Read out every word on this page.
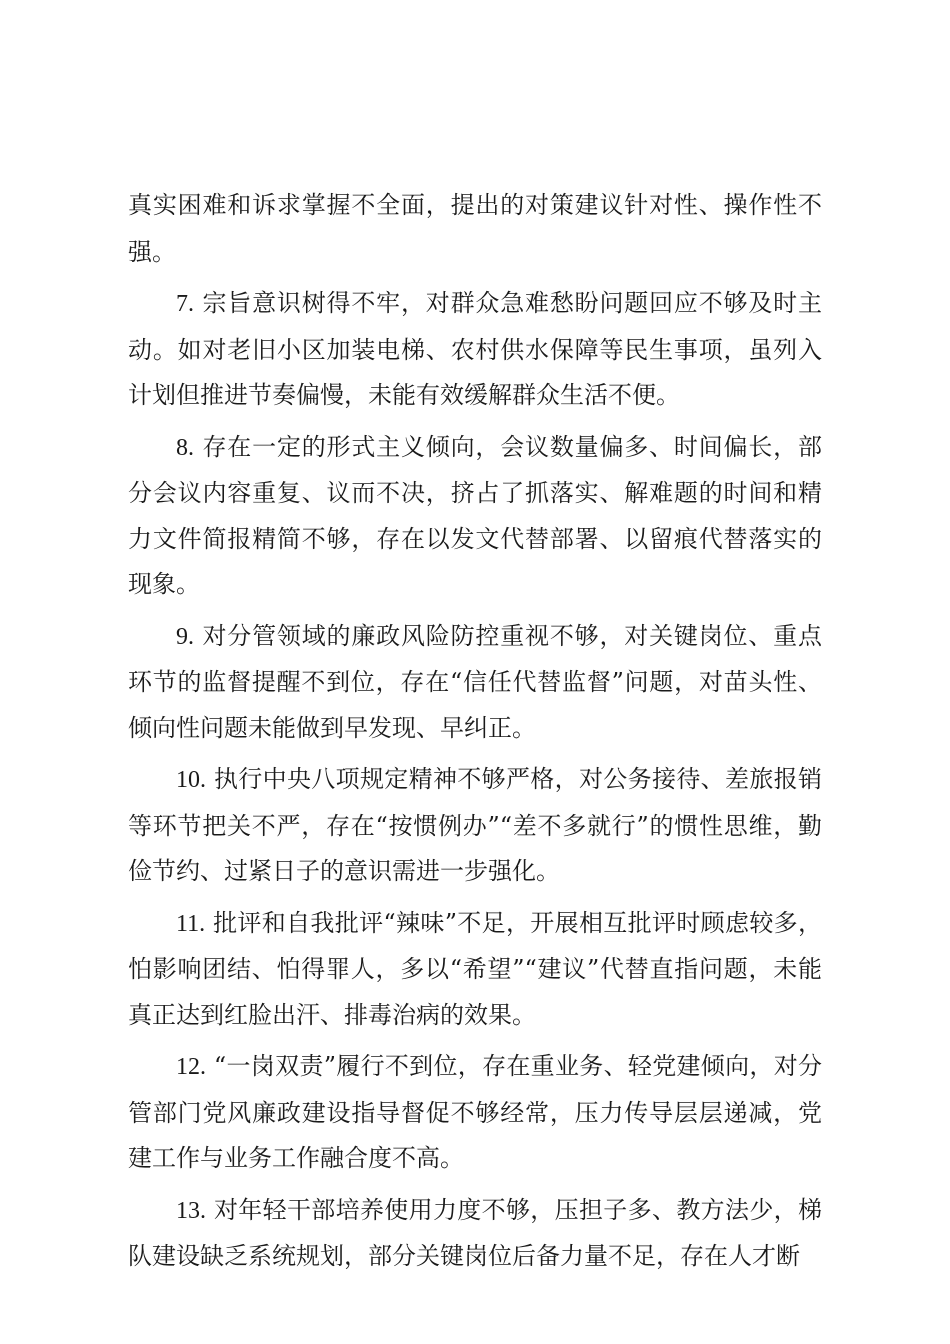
真实困难和诉求掌握不全面，提出的对策建议针对性、操作性不强。

7. 宗旨意识树得不牢，对群众急难愁盼问题回应不够及时主动。如对老旧小区加装电梯、农村供水保障等民生事项，虽列入计划但推进节奏偏慢，未能有效缓解群众生活不便。

8. 存在一定的形式主义倾向，会议数量偏多、时间偏长，部分会议内容重复、议而不决，挤占了抓落实、解难题的时间和精力文件简报精简不够，存在以发文代替部署、以留痕代替落实的现象。

9. 对分管领域的廉政风险防控重视不够，对关键岗位、重点环节的监督提醒不到位，存在“信任代替监督”问题，对苗头性、倾向性问题未能做到早发现、早纠正。

10. 执行中央八项规定精神不够严格，对公务接待、差旅报销等环节把关不严，存在“按惯例办”“差不多就行”的惯性思维，勤俭节约、过紧日子的意识需进一步强化。

11. 批评和自我批评“辣味”不足，开展相互批评时顾虑较多，怕影响团结、怕得罪人，多以“希望”“建议”代替直指问题，未能真正达到红脸出汗、排毒治病的效果。

12. “一岗双责”履行不到位，存在重业务、轻党建倾向，对分管部门党风廉政建设指导督促不够经常，压力传导层层递减，党建工作与业务工作融合度不高。

13. 对年轻干部培养使用力度不够，压担子多、教方法少，梯队建设缺乏系统规划，部分关键岗位后备力量不足，存在人才断
